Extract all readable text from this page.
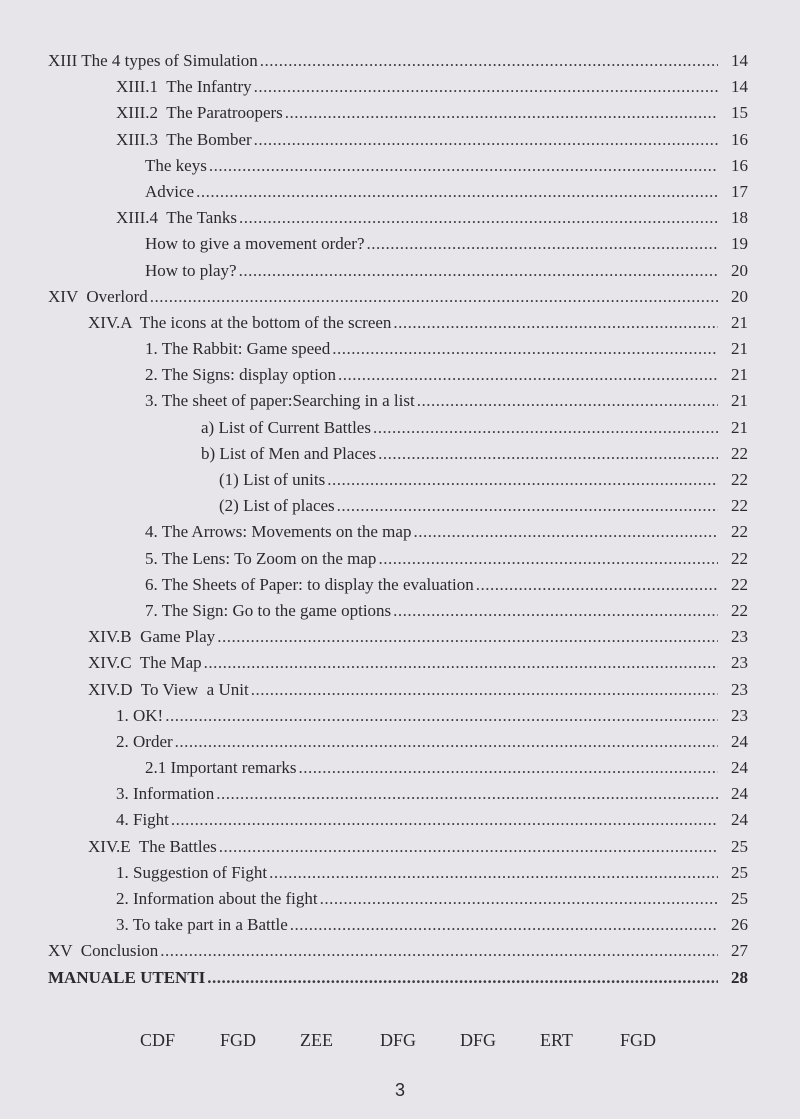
XIII The 4 types of Simulation .....	14
XIII.1  The Infantry .....	14
XIII.2  The Paratroopers .....	15
XIII.3  The Bomber .....	16
The keys .....	16
Advice .....	17
XIII.4  The Tanks .....	18
How to give a movement order? .....	19
How to play? .....	20
XIV  Overlord .....	20
XIV.A  The icons at the bottom of the screen .....	21
1. The Rabbit: Game speed .....	21
2. The Signs: display option .....	21
3. The sheet of paper:Searching in a list .....	21
a) List of Current Battles .....	21
b) List of Men and Places .....	22
(1) List of units .....	22
(2) List of places .....	22
4. The Arrows: Movements on the map .....	22
5. The Lens: To Zoom on the map .....	22
6. The Sheets of Paper: to display the evaluation .....	22
7. The Sign: Go to the game options .....	22
XIV.B  Game Play .....	23
XIV.C  The Map .....	23
XIV.D  To View  a Unit .....	23
1. OK! .....	23
2. Order .....	24
2.1 Important remarks .....	24
3. Information .....	24
4. Fight .....	24
XIV.E  The Battles .....	25
1. Suggestion of Fight .....	25
2. Information about the fight .....	25
3. To take part in a Battle .....	26
XV  Conclusion .....	27
MANUALE UTENTI .....	28
CDF	FGD	ZEE	DFG	DFG	ERT	FGD
3
